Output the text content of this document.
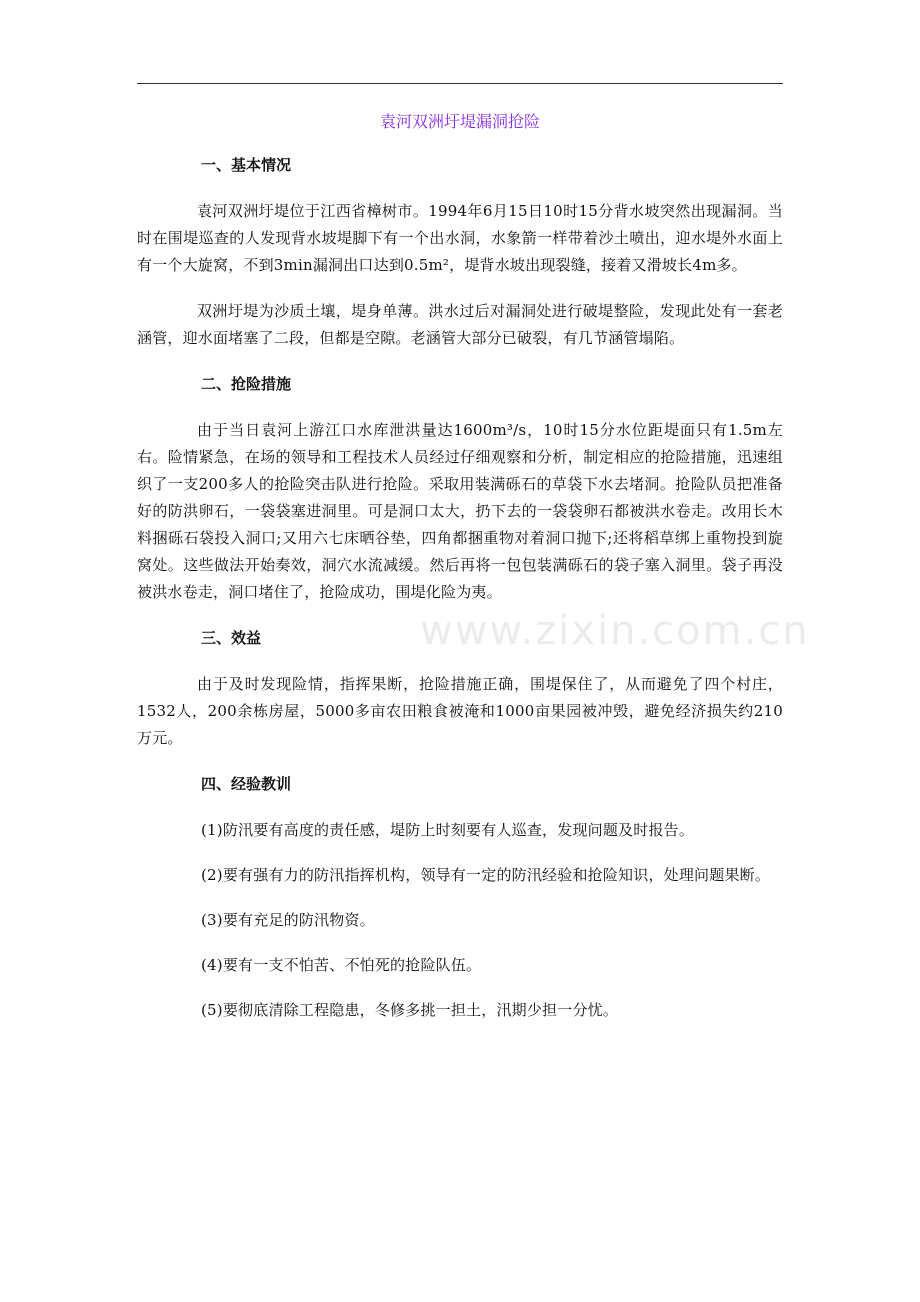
袁河双洲圩堤漏洞抢险
一、基本情况

袁河双洲圩堤位于江西省樟树市。1994年6月15日10时15分背水坡突然出现漏洞。当时在围堤巡查的人发现背水坡堤脚下有一个出水洞，水象箭一样带着沙土喷出，迎水堤外水面上有一个大旋窝，不到3min漏洞出口达到0.5m²，堤背水坡出现裂缝，接着又滑坡长4m多。

双洲圩堤为沙质土壤，堤身单薄。洪水过后对漏洞处进行破堤整险，发现此处有一套老涵管，迎水面堵塞了二段，但都是空隙。老涵管大部分已破裂，有几节涵管塌陷。

二、抢险措施

由于当日袁河上游江口水库泄洪量达1600m³/s，10时15分水位距堤面只有1.5m左右。险情紧急，在场的领导和工程技术人员经过仔细观察和分析，制定相应的抢险措施，迅速组织了一支200多人的抢险突击队进行抢险。采取用装满砾石的草袋下水去堵洞。抢险队员把准备好的防洪卵石，一袋袋塞进洞里。可是洞口太大，扔下去的一袋袋卵石都被洪水卷走。改用长木料捆砾石袋投入洞口;又用六七床晒谷垫，四角都捆重物对着洞口抛下;还将稻草绑上重物投到旋窝处。这些做法开始奏效，洞穴水流减缓。然后再将一包包装满砾石的袋子塞入洞里。袋子再没被洪水卷走，洞口堵住了，抢险成功，围堤化险为夷。

三、效益

由于及时发现险情，指挥果断，抢险措施正确，围堤保住了，从而避免了四个村庄，1532人，200余栋房屋，5000多亩农田粮食被淹和1000亩果园被冲毁，避免经济损失约210万元。

四、经验教训

(1)防汛要有高度的责任感，堤防上时刻要有人巡查，发现问题及时报告。

(2)要有强有力的防汛指挥机构，领导有一定的防汛经验和抢险知识，处理问题果断。

(3)要有充足的防汛物资。

(4)要有一支不怕苦、不怕死的抢险队伍。

(5)要彻底清除工程隐患，冬修多挑一担土，汛期少担一分忧。

www.zixin.com.cn
